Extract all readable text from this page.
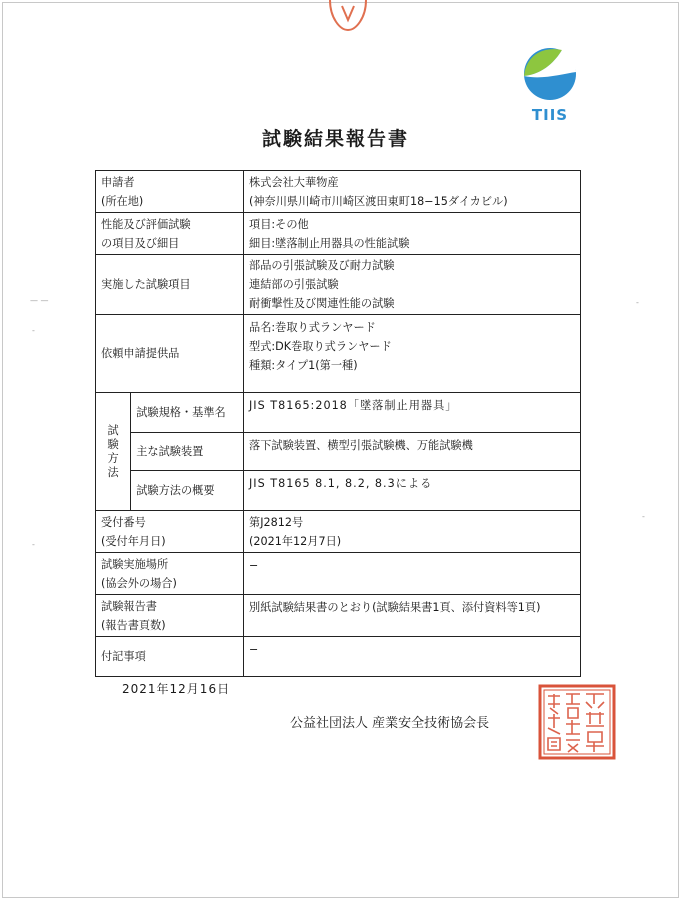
TIIS
試験結果報告書
申請者
(所在地)		株式会社大華物産
(神奈川県川崎市川崎区渡田東町18−15ダイカビル)

性能及び評価試験
の項目及び細目		項目:その他
細目:墜落制止用器具の性能試験

実施した試験項目		部品の引張試験及び耐力試験
連結部の引張試験
耐衝撃性及び関連性能の試験

依頼申請提供品		品名:巻取り式ランヤード
型式:DK巻取り式ランヤード
種類:タイプ1(第一種)

試
験
方
法	試験規格・基準名	JIS T8165:2018「墜落制止用器具」
	主な試験装置	落下試験装置、横型引張試験機、万能試験機
	試験方法の概要	JIS T8165 8.1, 8.2, 8.3による

受付番号
(受付年月日)		第J2812号
(2021年12月7日)

試験実施場所
(協会外の場合)		−

試験報告書
(報告書頁数)		別紙試験結果書のとおり(試験結果書1頁、添付資料等1頁)

付記事項		−
2021年12月16日
公益社団法人 産業安全技術協会長
— —
-
-
-
-
